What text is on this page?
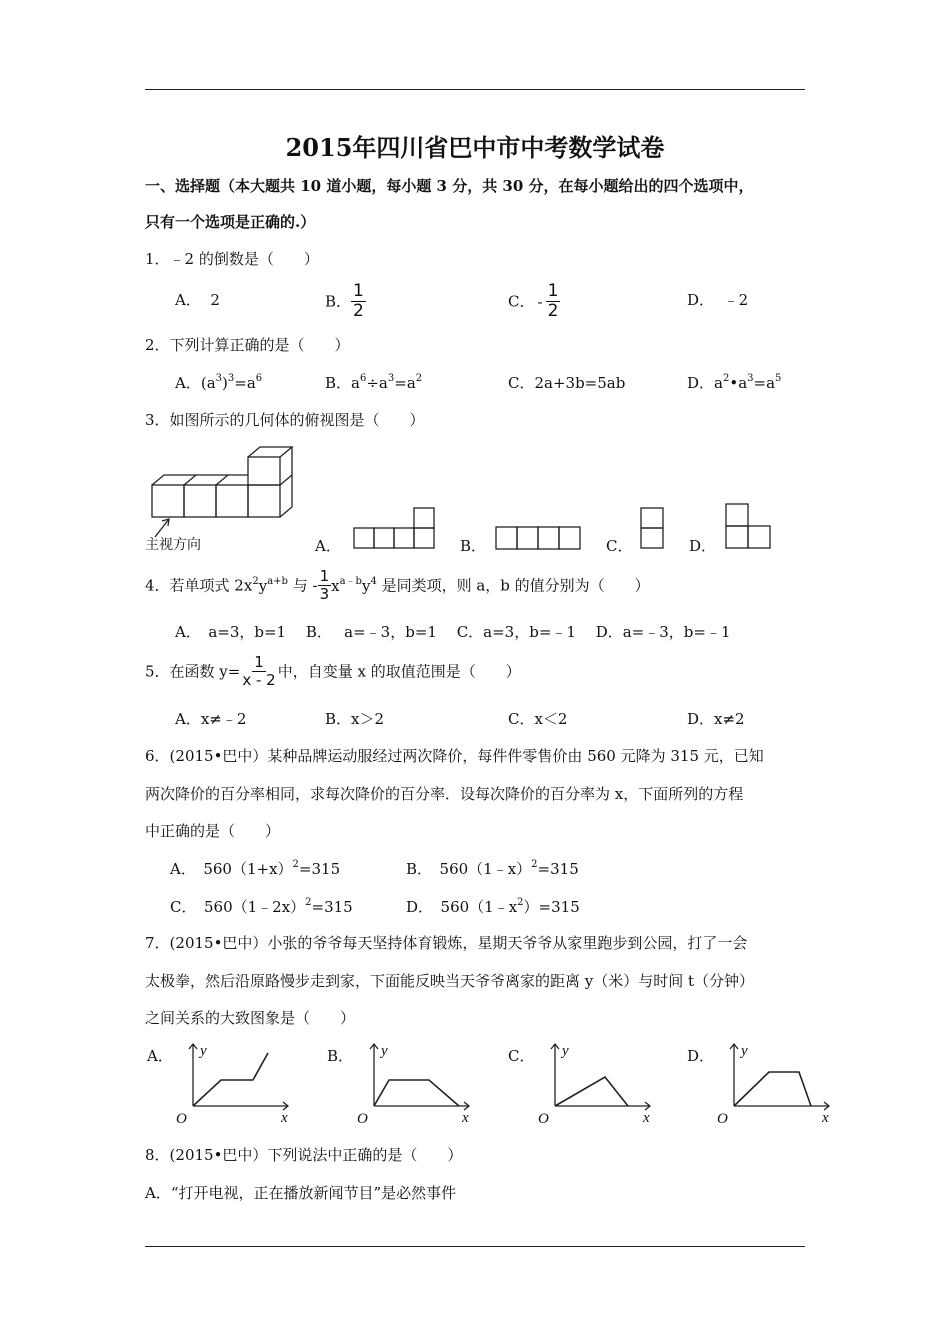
2015年四川省巴中市中考数学试卷
一、选择题（本大题共 10 道小题，每小题 3 分，共 30 分，在每小题给出的四个选项中，
只有一个选项是正确的.）
1．﹣2 的倒数是（　　）
A． 2	B． $\frac{1}{2}$	C． - $\frac{1}{2}$	D． ﹣2
2．下列计算正确的是（　　）
A．$(a^3)^3=a^6$	B．$a^6\div a^3=a^2$	C．2a+3b=5ab	D．$a^2•a^3=a^5$
3．如图所示的几何体的俯视图是（　　）
主视方向	A．	B．	C．	D．
4．若单项式 $2x^2y^{a+b}$ 与 - $\frac{1}{3} x^{a﹣b}y^4$ 是同类项，则 a，b 的值分别为（　　）
A．　a=3，b=1　 B．　 a=﹣3，b=1　 C．a=3，b=﹣1　 D．a=﹣3，b=﹣1
5．在函数 $y= \frac{1}{x - 2}$ 中，自变量 x 的取值范围是（　　）
A．x≠﹣2	B．x＞2	C．x＜2	D．x≠2
6．(2015•巴中）某种品牌运动服经过两次降价，每件件零售价由 560 元降为 315 元，已知
两次降价的百分率相同，求每次降价的百分率．设每次降价的百分率为 x，下面所列的方程
中正确的是（　　）
A．　$560(1+x)^2=315$	B．　560（1﹣x）$^2$=315
C．　560（1﹣2x）$^2$=315	D．　$560(1﹣x^2)=315$
7．(2015•巴中）小张的爷爷每天坚持体育锻炼，星期天爷爷从家里跑步到公园，打了一会
太极拳，然后沿原路慢步走到家，下面能反映当天爷爷离家的距离 y（米）与时间 t（分钟）
之间关系的大致图象是（　　）
A． y
x
O
B． y
x
O
C． y
x
O
D． y
x
O
8．(2015•巴中）下列说法中正确的是（　　）
A．“打开电视，正在播放新闻节目”是必然事件
